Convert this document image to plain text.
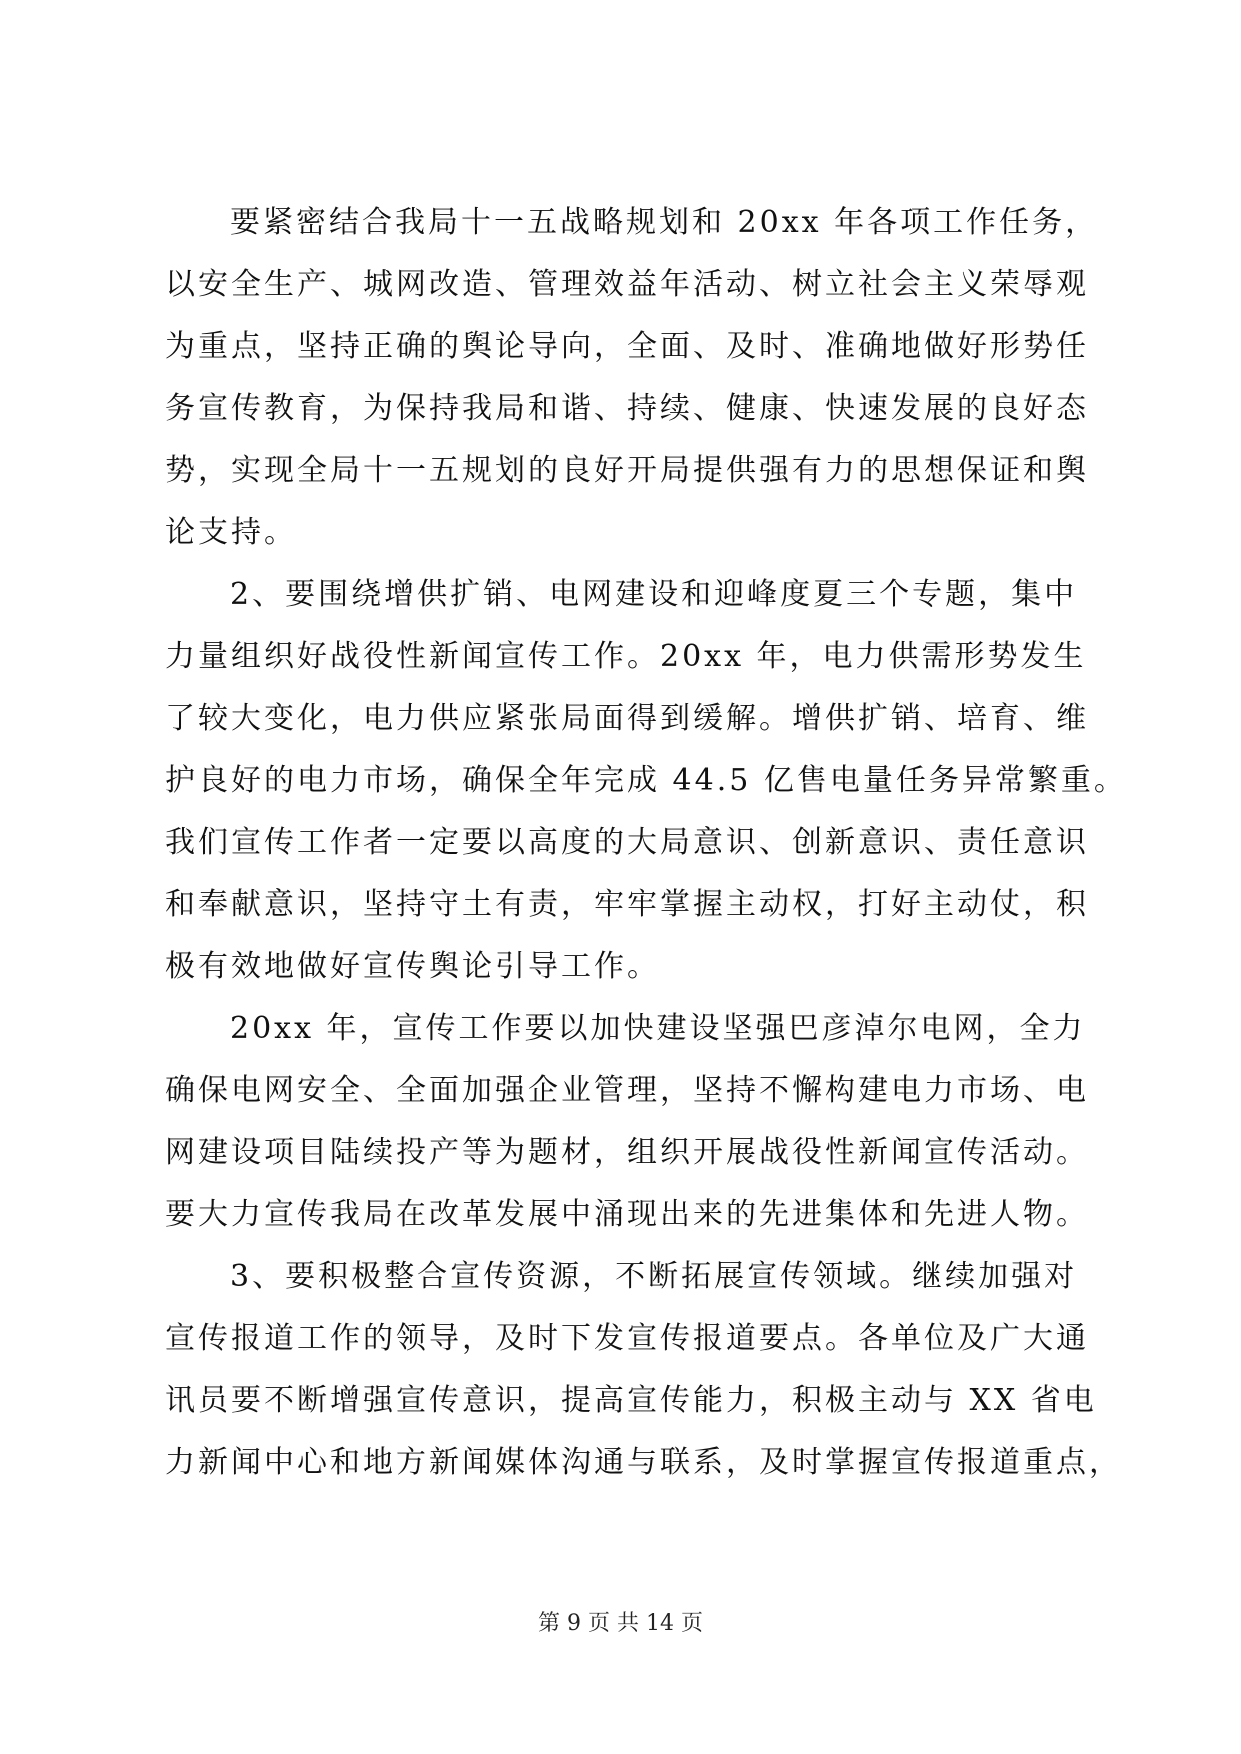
要紧密结合我局十一五战略规划和 20xx 年各项工作任务，
以安全生产、城网改造、管理效益年活动、树立社会主义荣辱观
为重点，坚持正确的舆论导向，全面、及时、准确地做好形势任
务宣传教育，为保持我局和谐、持续、健康、快速发展的良好态
势，实现全局十一五规划的良好开局提供强有力的思想保证和舆
论支持。
2、要围绕增供扩销、电网建设和迎峰度夏三个专题，集中
力量组织好战役性新闻宣传工作。20xx 年，电力供需形势发生
了较大变化，电力供应紧张局面得到缓解。增供扩销、培育、维
护良好的电力市场，确保全年完成 44.5 亿售电量任务异常繁重。
我们宣传工作者一定要以高度的大局意识、创新意识、责任意识
和奉献意识，坚持守土有责，牢牢掌握主动权，打好主动仗，积
极有效地做好宣传舆论引导工作。
20xx 年，宣传工作要以加快建设坚强巴彦淖尔电网，全力
确保电网安全、全面加强企业管理，坚持不懈构建电力市场、电
网建设项目陆续投产等为题材，组织开展战役性新闻宣传活动。
要大力宣传我局在改革发展中涌现出来的先进集体和先进人物。
3、要积极整合宣传资源，不断拓展宣传领域。继续加强对
宣传报道工作的领导，及时下发宣传报道要点。各单位及广大通
讯员要不断增强宣传意识，提高宣传能力，积极主动与 XX 省电
力新闻中心和地方新闻媒体沟通与联系，及时掌握宣传报道重点，
第 9 页 共 14 页
